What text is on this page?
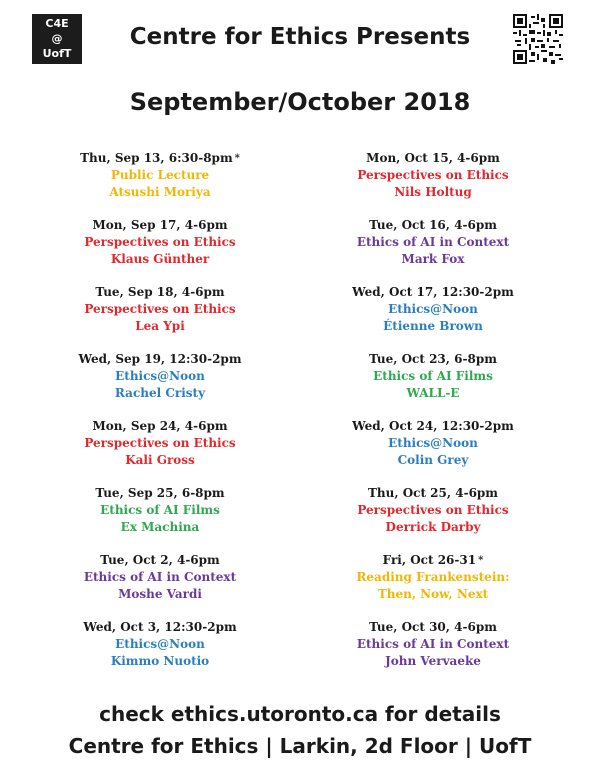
C4E
@
UofT
Centre for Ethics Presents
September/October 2018
Thu, Sep 13, 6:30-8pm *
Public Lecture
Atsushi Moriya
Mon, Sep 17, 4-6pm
Perspectives on Ethics
Klaus Günther
Tue, Sep 18, 4-6pm
Perspectives on Ethics
Lea Ypi
Wed, Sep 19, 12:30-2pm
Ethics@Noon
Rachel Cristy
Mon, Sep 24, 4-6pm
Perspectives on Ethics
Kali Gross
Tue, Sep 25, 6-8pm
Ethics of AI Films
Ex Machina
Tue, Oct 2, 4-6pm
Ethics of AI in Context
Moshe Vardi
Wed, Oct 3, 12:30-2pm
Ethics@Noon
Kimmo Nuotio
Mon, Oct 15, 4-6pm
Perspectives on Ethics
Nils Holtug
Tue, Oct 16, 4-6pm
Ethics of AI in Context
Mark Fox
Wed, Oct 17, 12:30-2pm
Ethics@Noon
Étienne Brown
Tue, Oct 23, 6-8pm
Ethics of AI Films
WALL-E
Wed, Oct 24, 12:30-2pm
Ethics@Noon
Colin Grey
Thu, Oct 25, 4-6pm
Perspectives on Ethics
Derrick Darby
Fri, Oct 26-31 *
Reading Frankenstein:
Then, Now, Next
Tue, Oct 30, 4-6pm
Ethics of AI in Context
John Vervaeke
check ethics.utoronto.ca for details
Centre for Ethics | Larkin, 2d Floor | UofT
